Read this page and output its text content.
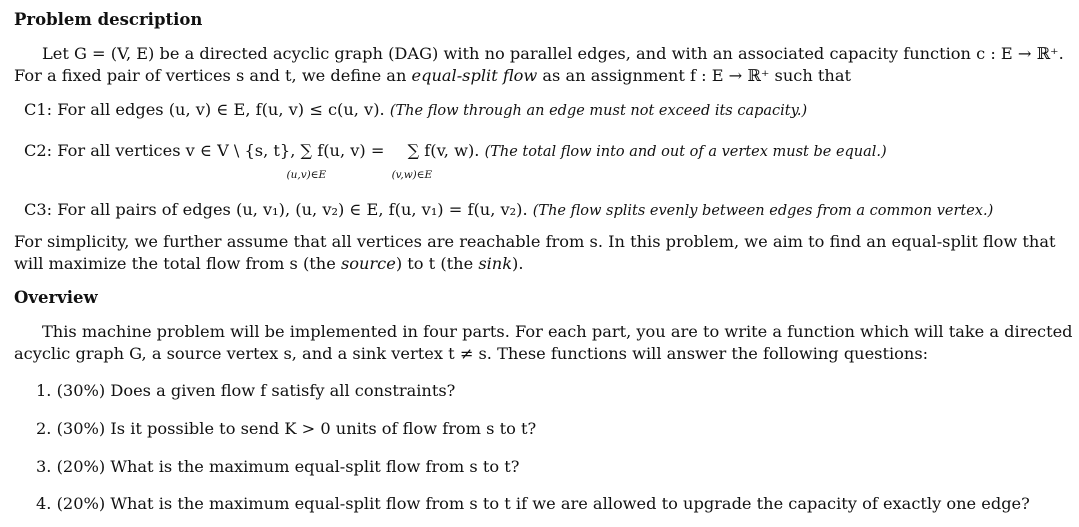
Problem description
Let G = (V, E) be a directed acyclic graph (DAG) with no parallel edges, and with an associated capacity function c : E → ℝ⁺.
For a fixed pair of vertices s and t, we define an equal-split flow as an assignment f : E → ℝ⁺ such that
C1: For all edges (u, v) ∈ E, f(u, v) ≤ c(u, v). (The flow through an edge must not exceed its capacity.)
C2: For all vertices v ∈ V \ {s, t}, ∑ f(u, v) =
(u,v)∈E
∑ f(v, w).
(v,w)∈E
(The total flow into and out of a vertex must be equal.)
C3: For all pairs of edges (u, v₁), (u, v₂) ∈ E, f(u, v₁) = f(u, v₂). (The flow splits evenly between edges from a common vertex.)
For simplicity, we further assume that all vertices are reachable from s. In this problem, we aim to find an equal-split flow that
will maximize the total flow from s (the source) to t (the sink).
Overview
This machine problem will be implemented in four parts. For each part, you are to write a function which will take a directed
acyclic graph G, a source vertex s, and a sink vertex t ≠ s. These functions will answer the following questions:
1. (30%) Does a given flow f satisfy all constraints?
2. (30%) Is it possible to send K > 0 units of flow from s to t?
3. (20%) What is the maximum equal-split flow from s to t?
4. (20%) What is the maximum equal-split flow from s to t if we are allowed to upgrade the capacity of exactly one edge?
